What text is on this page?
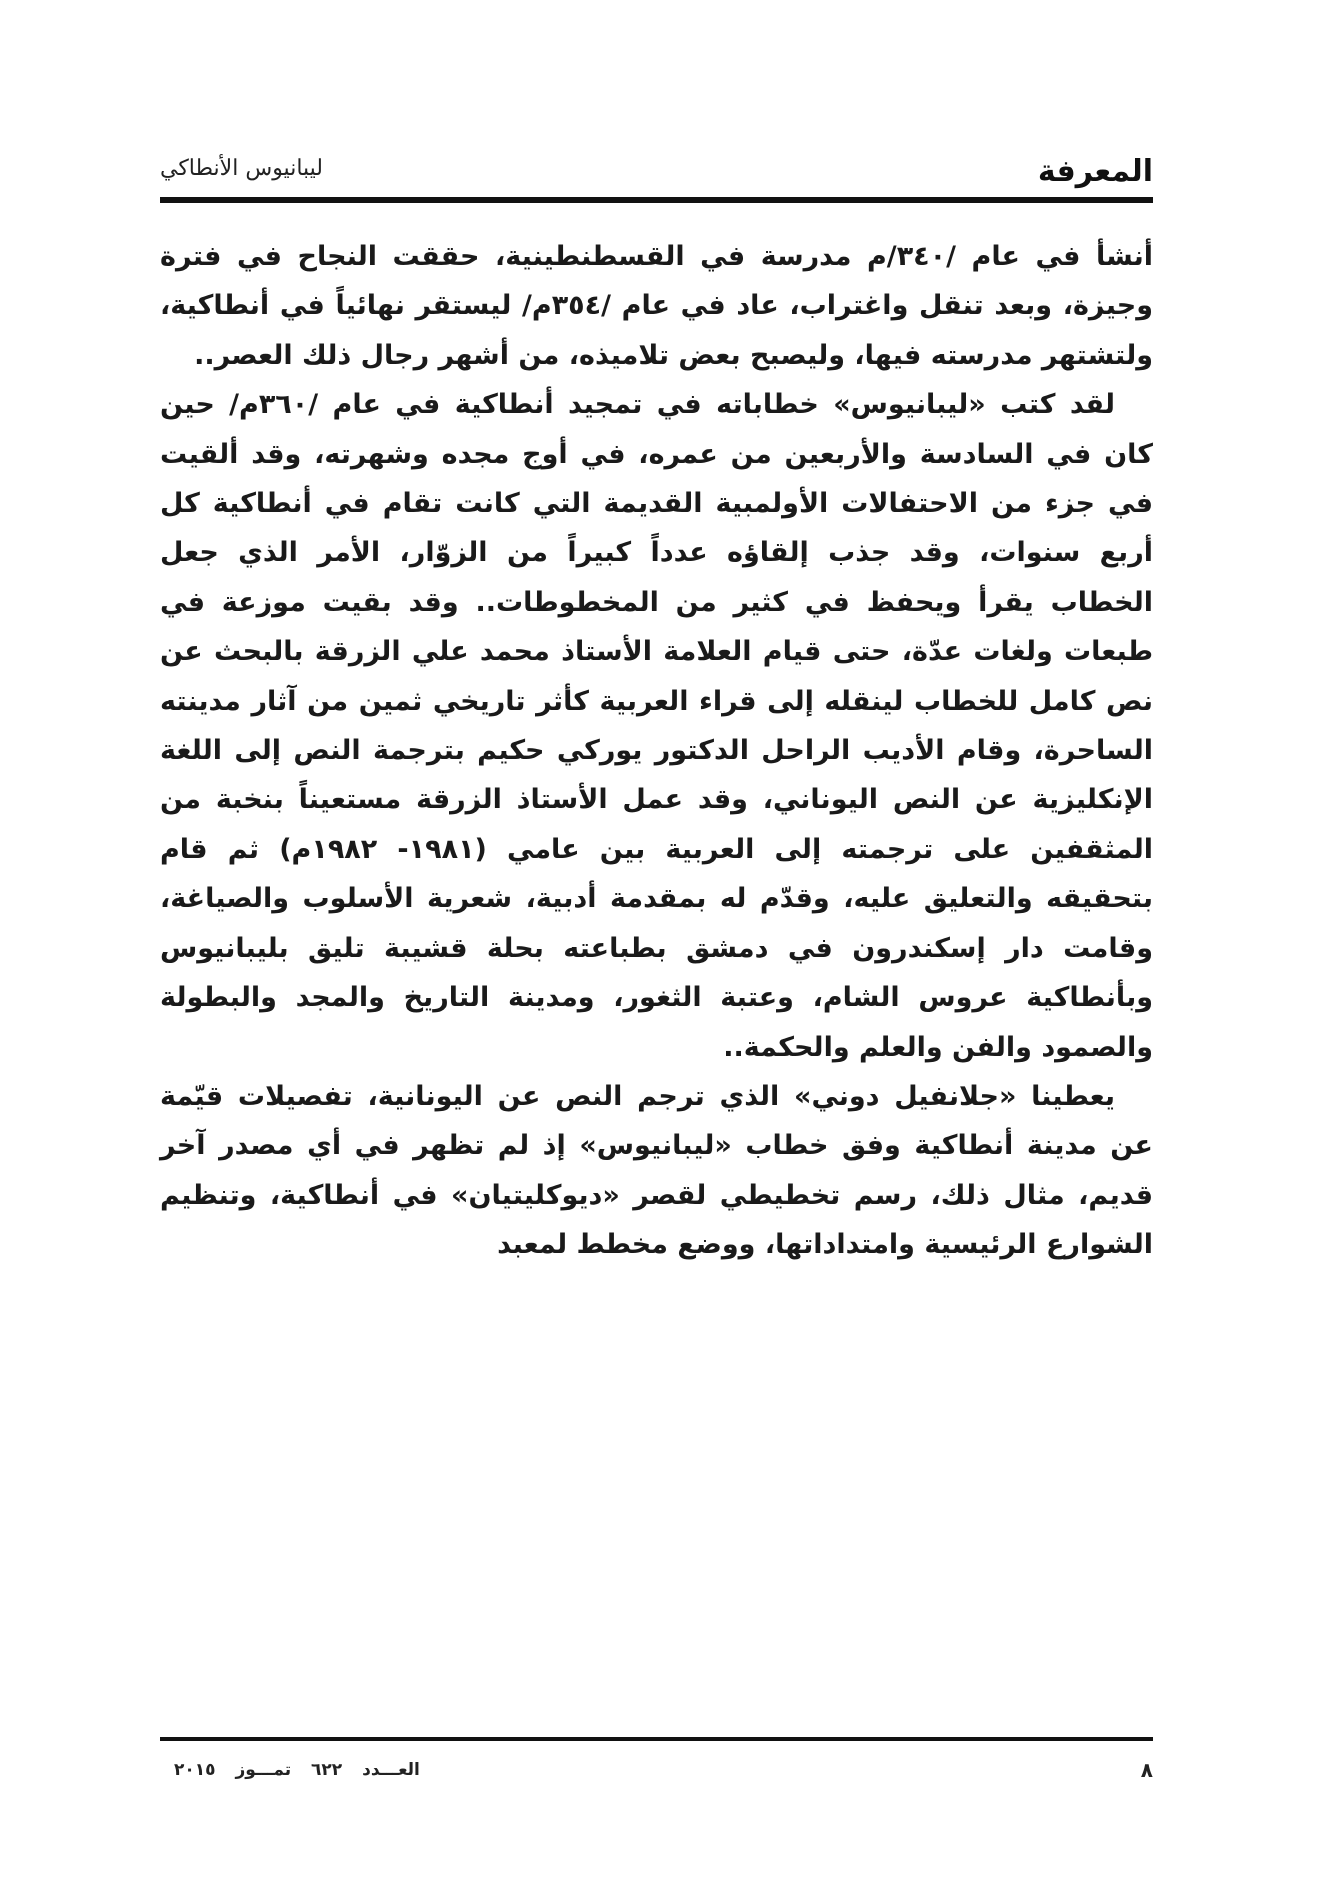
المعرفة
ليبانيوس الأنطاكي

أنشأ في عام /٣٤٠/م مدرسة في القسطنطينية، حققت النجاح في فترة وجيزة، وبعد تنقل واغتراب، عاد في عام /٣٥٤م/ ليستقر نهائياً في أنطاكية، ولتشتهر مدرسته فيها، وليصبح بعض تلاميذه، من أشهر رجال ذلك العصر..

لقد كتب «ليبانيوس» خطاباته في تمجيد أنطاكية في عام /٣٦٠م/ حين كان في السادسة والأربعين من عمره، في أوج مجده وشهرته، وقد ألقيت في جزء من الاحتفالات الأولمبية القديمة التي كانت تقام في أنطاكية كل أربع سنوات، وقد جذب إلقاؤه عدداً كبيراً من الزوّار، الأمر الذي جعل الخطاب يقرأ ويحفظ في كثير من المخطوطات.. وقد بقيت موزعة في طبعات ولغات عدّة، حتى قيام العلامة الأستاذ محمد علي الزرقة بالبحث عن نص كامل للخطاب لينقله إلى قراء العربية كأثر تاريخي ثمين من آثار مدينته الساحرة، وقام الأديب الراحل الدكتور يوركي حكيم بترجمة النص إلى اللغة الإنكليزية عن النص اليوناني، وقد عمل الأستاذ الزرقة مستعيناً بنخبة من المثقفين على ترجمته إلى العربية بين عامي (١٩٨١- ١٩٨٢م) ثم قام بتحقيقه والتعليق عليه، وقدّم له بمقدمة أدبية، شعرية الأسلوب والصياغة، وقامت دار إسكندرون في دمشق بطباعته بحلة قشيبة تليق بليبانيوس وبأنطاكية عروس الشام، وعتبة الثغور، ومدينة التاريخ والمجد والبطولة والصمود والفن والعلم والحكمة..

يعطينا «جلانفيل دوني» الذي ترجم النص عن اليونانية، تفصيلات قيّمة عن مدينة أنطاكية وفق خطاب «ليبانيوس» إذ لم تظهر في أي مصدر آخر قديم، مثال ذلك، رسم تخطيطي لقصر «ديوكليتيان» في أنطاكية، وتنظيم الشوارع الرئيسية وامتداداتها، ووضع مخطط لمعبد

٨
العـــدد ٦٢٢ تمـــوز ٢٠١٥
